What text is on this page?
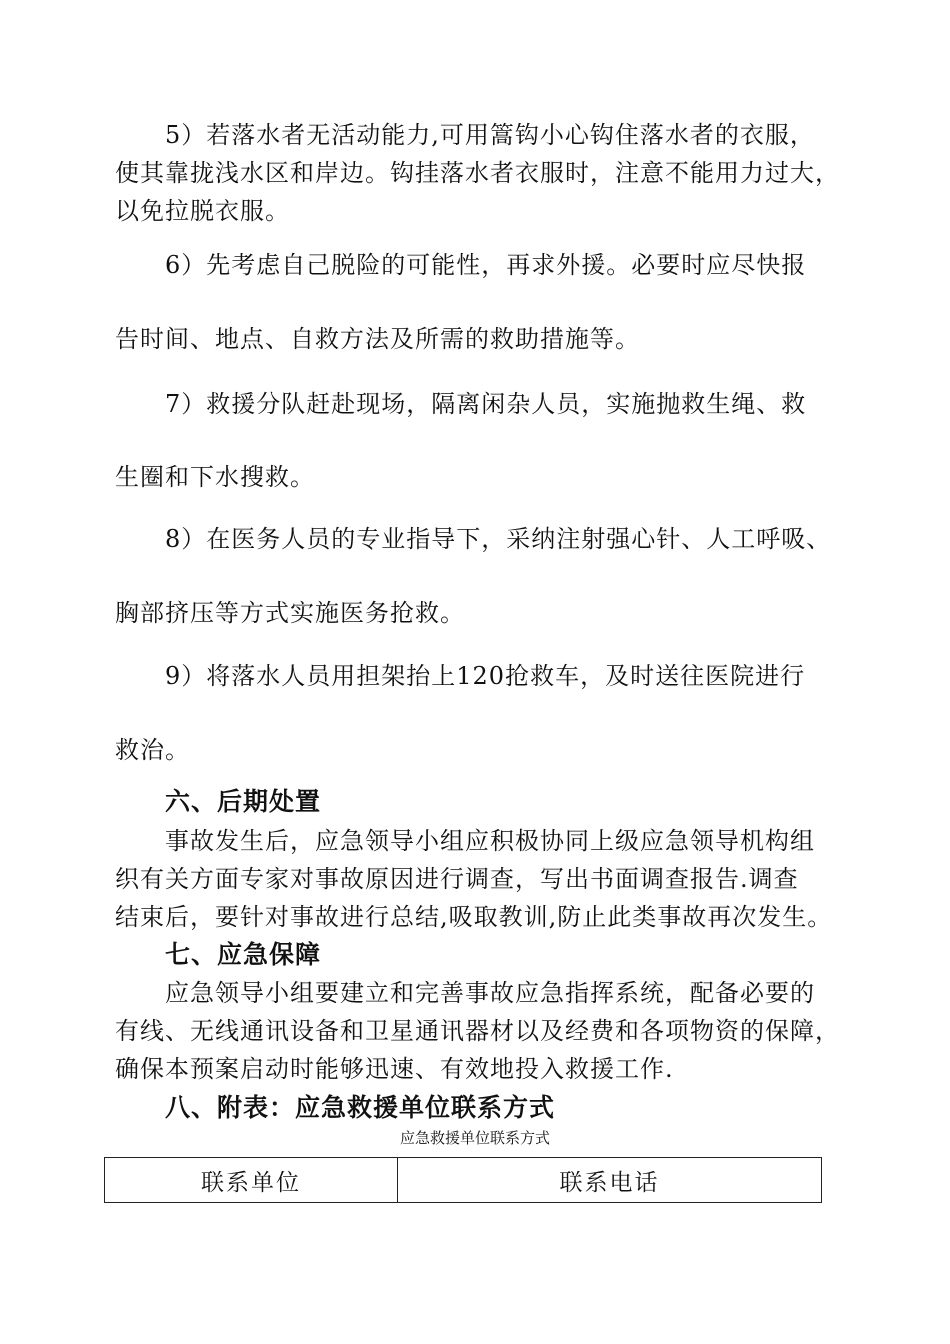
5）若落水者无活动能力,可用篙钩小心钩住落水者的衣服，
使其靠拢浅水区和岸边。钩挂落水者衣服时，注意不能用力过大，
以免拉脱衣服。
6）先考虑自己脱险的可能性，再求外援。必要时应尽快报
告时间、地点、自救方法及所需的救助措施等。
7）救援分队赶赴现场，隔离闲杂人员，实施抛救生绳、救
生圈和下水搜救。
8）在医务人员的专业指导下，采纳注射强心针、人工呼吸、
胸部挤压等方式实施医务抢救。
9）将落水人员用担架抬上120抢救车，及时送往医院进行
救治。
六、后期处置
事故发生后，应急领导小组应积极协同上级应急领导机构组
织有关方面专家对事故原因进行调查，写出书面调查报告.调查
结束后，要针对事故进行总结,吸取教训,防止此类事故再次发生。
七、应急保障
应急领导小组要建立和完善事故应急指挥系统，配备必要的
有线、无线通讯设备和卫星通讯器材以及经费和各项物资的保障，
确保本预案启动时能够迅速、有效地投入救援工作.
八、附表：应急救援单位联系方式
应急救援单位联系方式
联系单位	联系电话
